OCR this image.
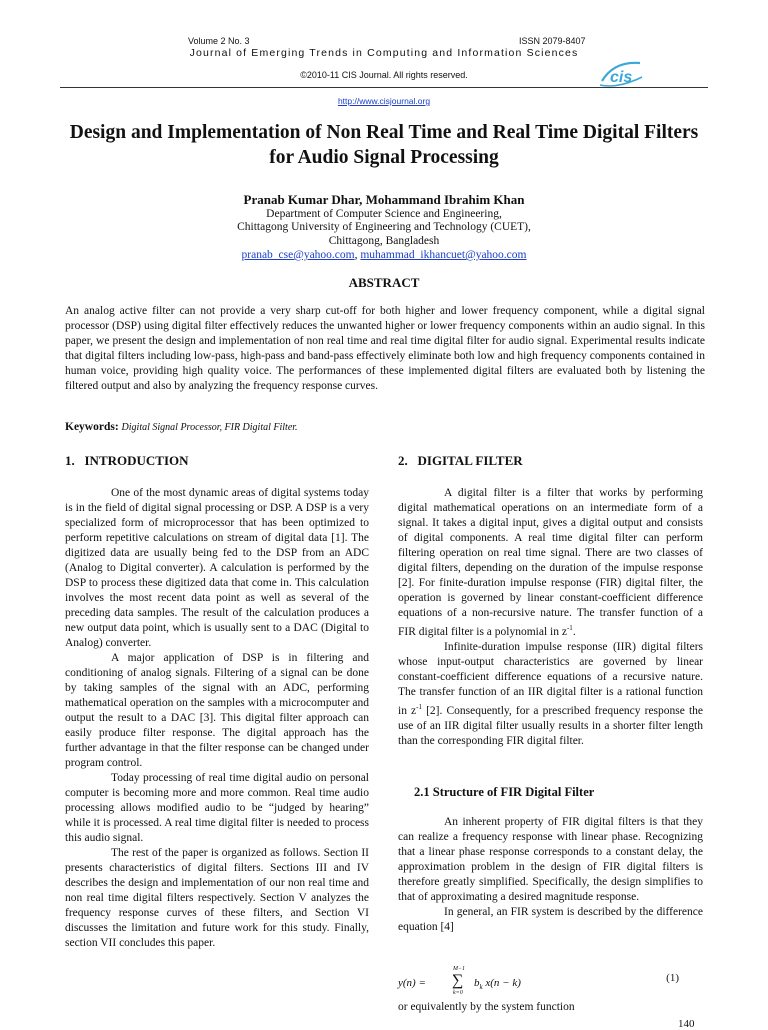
Volume 2 No. 3	ISSN 2079-8407
Journal of Emerging Trends in Computing and Information Sciences
©2010-11 CIS Journal. All rights reserved.
http://www.cisjournal.org
cis
Design and Implementation of Non Real Time and Real Time Digital Filters for Audio Signal Processing
Pranab Kumar Dhar, Mohammand Ibrahim Khan
Department of Computer Science and Engineering,
Chittagong University of Engineering and Technology (CUET),
Chittagong, Bangladesh
pranab_cse@yahoo.com, muhammad_ikhancuet@yahoo.com
ABSTRACT
An analog active filter can not provide a very sharp cut-off for both higher and lower frequency component, while a digital signal processor (DSP) using digital filter effectively reduces the unwanted higher or lower frequency components within an audio signal. In this paper, we present the design and implementation of non real time and real time digital filter for audio signal. Experimental results indicate that digital filters including low-pass, high-pass and band-pass effectively eliminate both low and high frequency components contained in human voice, providing high quality voice. The performances of these implemented digital filters are evaluated both by listening the filtered output and also by analyzing the frequency response curves.
Keywords: Digital Signal Processor, FIR Digital Filter.
1.   INTRODUCTION

One of the most dynamic areas of digital systems today is in the field of digital signal processing or DSP. A DSP is a very specialized form of microprocessor that has been optimized to perform repetitive calculations on stream of digital data [1]. The digitized data are usually being fed to the DSP from an ADC (Analog to Digital converter). A calculation is performed by the DSP to process these digitized data that come in. This calculation involves the most recent data point as well as several of the preceding data samples. The result of the calculation produces a new output data point, which is usually sent to a DAC (Digital to Analog) converter.

A major application of DSP is in filtering and conditioning of analog signals. Filtering of a signal can be done by taking samples of the signal with an ADC, performing mathematical operation on the samples with a microcomputer and output the result to a DAC [3]. This digital filter approach can easily produce filter response. The digital approach has the further advantage in that the filter response can be changed under program control.

Today processing of real time digital audio on personal computer is becoming more and more common. Real time audio processing allows modified audio to be “judged by hearing” while it is processed. A real time digital filter is needed to process this audio signal.

The rest of the paper is organized as follows. Section II presents characteristics of digital filters. Sections III and IV describes the design and implementation of our non real time and non real time digital filters respectively. Section V analyzes the frequency response curves of these filters, and Section VI discusses the limitation and future work for this study. Finally, section VII concludes this paper.

2.   DIGITAL FILTER

A digital filter is a filter that works by performing digital mathematical operations on an intermediate form of a signal. It takes a digital input, gives a digital output and consists of digital components. A real time digital filter can perform filtering operation on real time signal. There are two classes of digital filters, depending on the duration of the impulse response [2]. For finite-duration impulse response (FIR) digital filter, the operation is governed by linear constant-coefficient difference equations of a non-recursive nature. The transfer function of a FIR digital filter is a polynomial in $z^{-1}$.

Infinite-duration impulse response (IIR) digital filters whose input-output characteristics are governed by linear constant-coefficient difference equations of a recursive nature. The transfer function of an IIR digital filter is a rational function in $z^{-1}$ [2]. Consequently, for a prescribed frequency response the use of an IIR digital filter usually results in a shorter filter length than the corresponding FIR digital filter.

2.1 Structure of FIR Digital Filter

An inherent property of FIR digital filters is that they can realize a frequency response with linear phase. Recognizing that a linear phase response corresponds to a constant delay, the approximation problem in the design of FIR digital filters is therefore greatly simplified. Specifically, the design simplifies to that of approximating a desired magnitude response.

In general, an FIR system is described by the difference equation [4]

y(n) =
M−1
∑
k=0
$b_k$ x(n − k)	(1)
or equivalently by the system function
140
